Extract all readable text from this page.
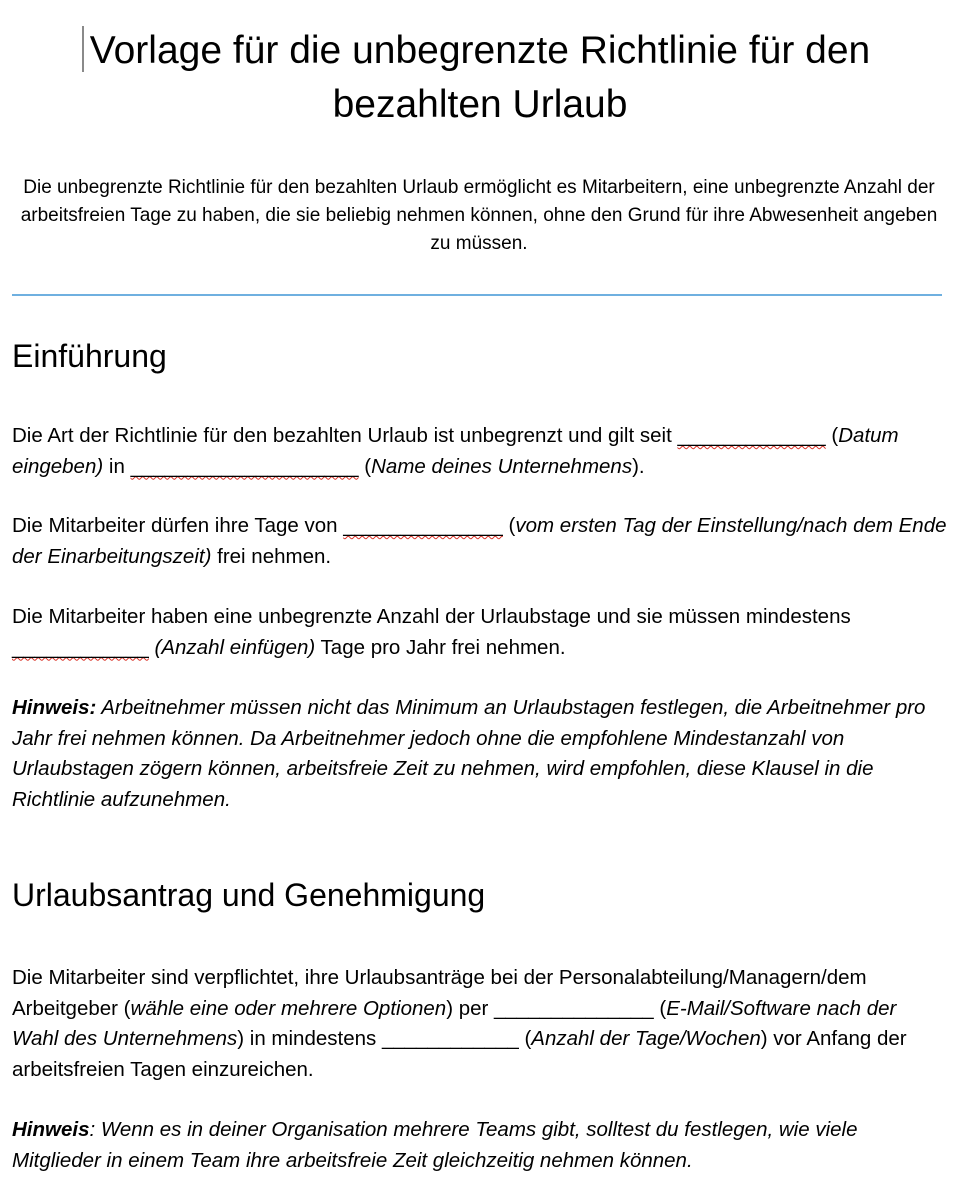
Vorlage für die unbegrenzte Richtlinie für den bezahlten Urlaub
Die unbegrenzte Richtlinie für den bezahlten Urlaub ermöglicht es Mitarbeitern, eine unbegrenzte Anzahl der arbeitsfreien Tage zu haben, die sie beliebig nehmen können, ohne den Grund für ihre Abwesenheit angeben zu müssen.
Einführung

Die Art der Richtlinie für den bezahlten Urlaub ist unbegrenzt und gilt seit _____________ (Datum eingeben) in ____________________ (Name deines Unternehmens).

Die Mitarbeiter dürfen ihre Tage von ______________ (vom ersten Tag der Einstellung/nach dem Ende der Einarbeitungszeit) frei nehmen.

Die Mitarbeiter haben eine unbegrenzte Anzahl der Urlaubstage und sie müssen mindestens ____________ (Anzahl einfügen) Tage pro Jahr frei nehmen.

Hinweis: Arbeitnehmer müssen nicht das Minimum an Urlaubstagen festlegen, die Arbeitnehmer pro Jahr frei nehmen können. Da Arbeitnehmer jedoch ohne die empfohlene Mindestanzahl von Urlaubstagen zögern können, arbeitsfreie Zeit zu nehmen, wird empfohlen, diese Klausel in die Richtlinie aufzunehmen.

Urlaubsantrag und Genehmigung

Die Mitarbeiter sind verpflichtet, ihre Urlaubsanträge bei der Personalabteilung/Managern/dem Arbeitgeber (wähle eine oder mehrere Optionen) per ______________ (E-Mail/Software nach der Wahl des Unternehmens) in mindestens ____________ (Anzahl der Tage/Wochen) vor Anfang der arbeitsfreien Tagen einzureichen.

Hinweis: Wenn es in deiner Organisation mehrere Teams gibt, solltest du festlegen, wie viele Mitglieder in einem Team ihre arbeitsfreie Zeit gleichzeitig nehmen können.
